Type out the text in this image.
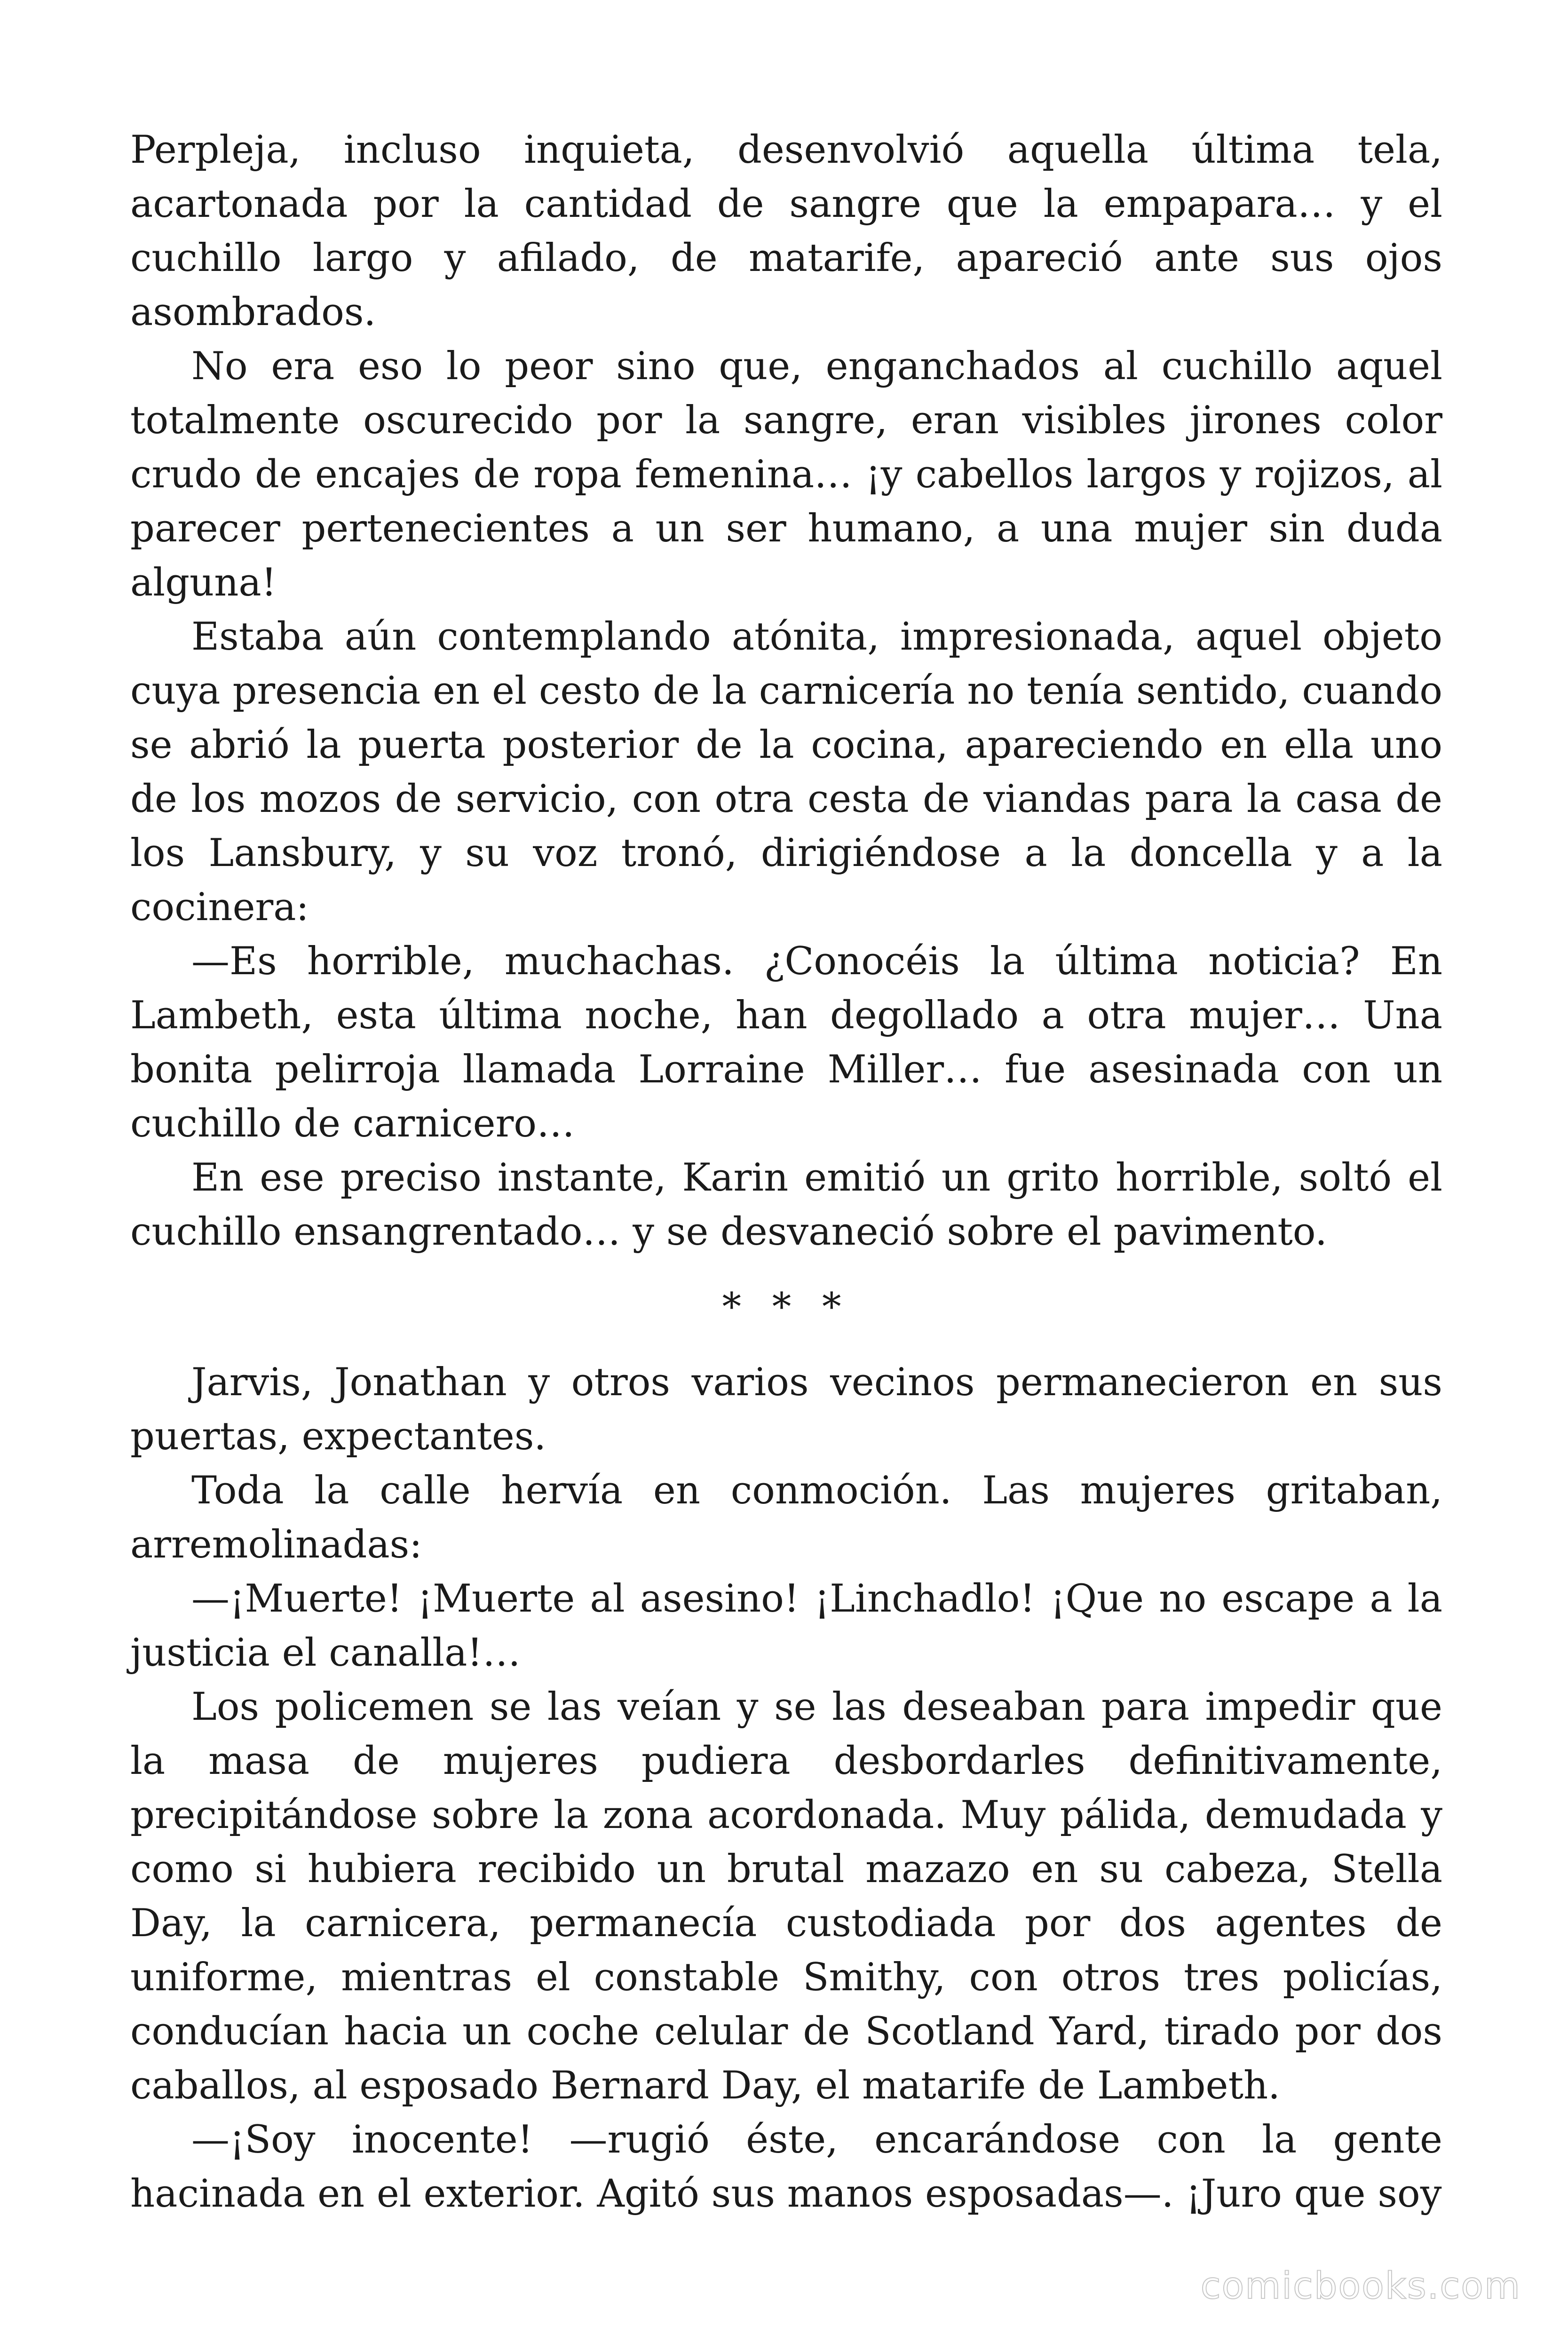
Perpleja, incluso inquieta, desenvolvió aquella última tela, acartonada por la cantidad de sangre que la empapara… y el cuchillo largo y afilado, de matarife, apareció ante sus ojos asombrados.

No era eso lo peor sino que, enganchados al cuchillo aquel totalmente oscurecido por la sangre, eran visibles jirones color crudo de encajes de ropa femenina… ¡y cabellos largos y rojizos, al parecer pertenecientes a un ser humano, a una mujer sin duda alguna!

Estaba aún contemplando atónita, impresionada, aquel objeto cuya presencia en el cesto de la carnicería no tenía sentido, cuando se abrió la puerta posterior de la cocina, apareciendo en ella uno de los mozos de servicio, con otra cesta de viandas para la casa de los Lansbury, y su voz tronó, dirigiéndose a la doncella y a la cocinera:

—Es horrible, muchachas. ¿Conocéis la última noticia? En Lambeth, esta última noche, han degollado a otra mujer… Una bonita pelirroja llamada Lorraine Miller… fue asesinada con un cuchillo de carnicero…

En ese preciso instante, Karin emitió un grito horrible, soltó el cuchillo ensangrentado… y se desvaneció sobre el pavimento.

* * *

Jarvis, Jonathan y otros varios vecinos permanecieron en sus puertas, expectantes.

Toda la calle hervía en conmoción. Las mujeres gritaban, arremolinadas:

—¡Muerte! ¡Muerte al asesino! ¡Linchadlo! ¡Que no escape a la justicia el canalla!…

Los policemen se las veían y se las deseaban para impedir que la masa de mujeres pudiera desbordarles definitivamente, precipitándose sobre la zona acordonada. Muy pálida, demudada y como si hubiera recibido un brutal mazazo en su cabeza, Stella Day, la carnicera, permanecía custodiada por dos agentes de uniforme, mientras el constable Smithy, con otros tres policías, conducían hacia un coche celular de Scotland Yard, tirado por dos caballos, al esposado Bernard Day, el matarife de Lambeth.

—¡Soy inocente! —rugió éste, encarándose con la gente hacinada en el exterior. Agitó sus manos esposadas—. ¡Juro que soy

comicbooks.com
